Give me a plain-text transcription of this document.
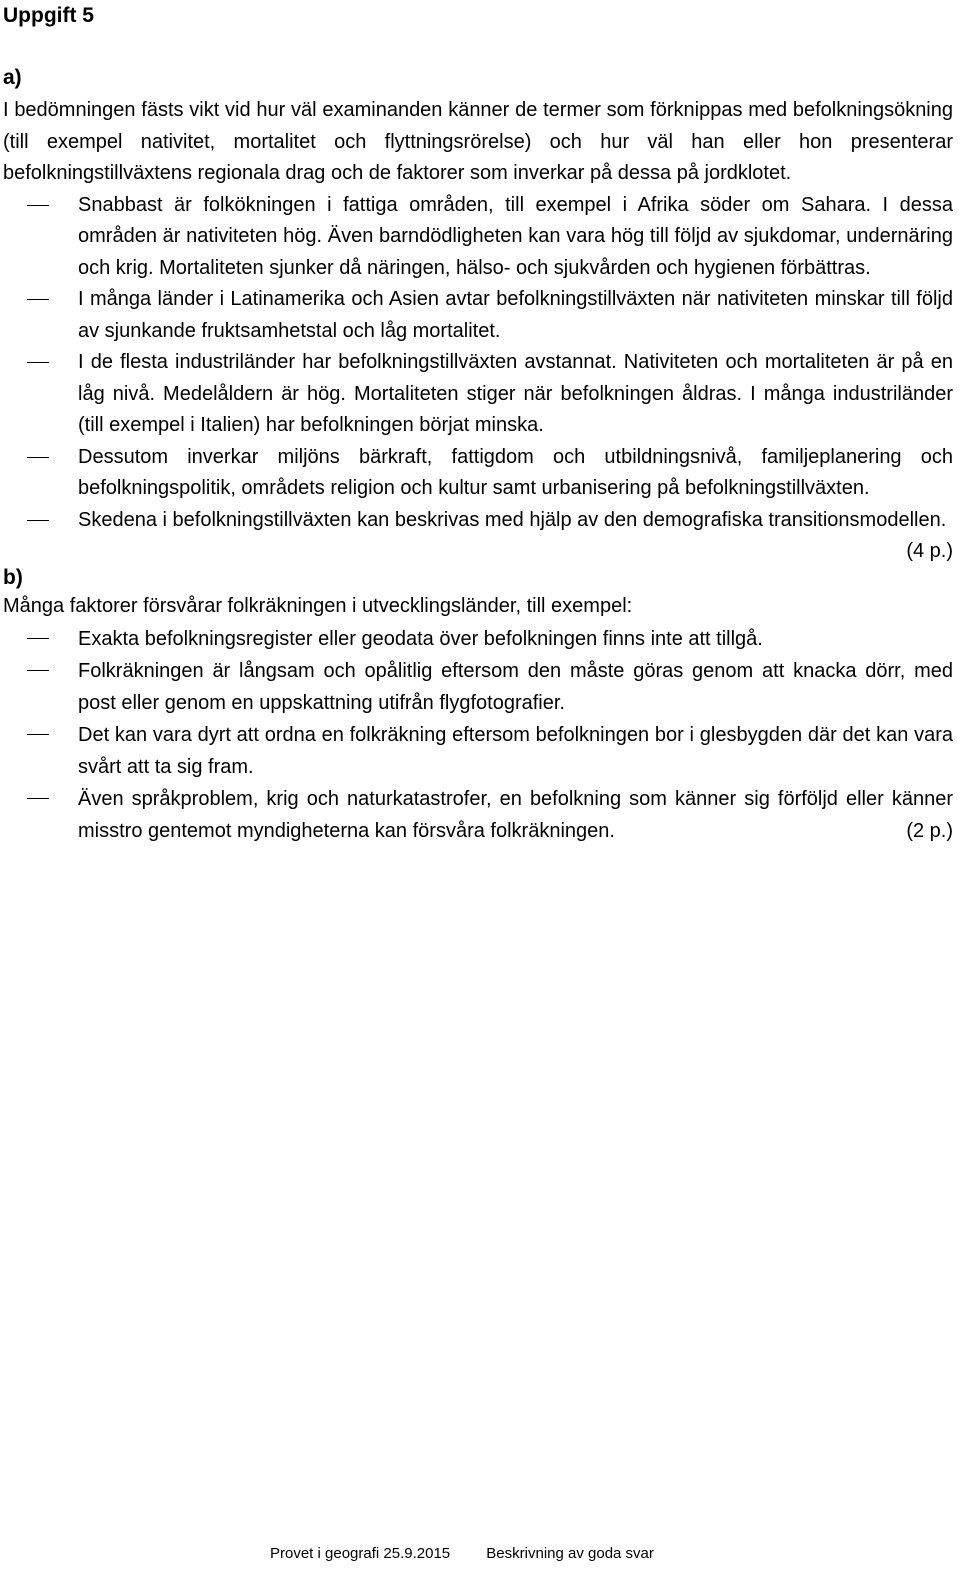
Uppgift 5
a)

I bedömningen fästs vikt vid hur väl examinanden känner de termer som förknippas med befolkningsökning (till exempel nativitet, mortalitet och flyttningsrörelse) och hur väl han eller hon presenterar befolkningstillväxtens regionala drag och de faktorer som inverkar på dessa på jordklotet.

Snabbast är folkökningen i fattiga områden, till exempel i Afrika söder om Sahara. I dessa områden är nativiteten hög. Även barndödligheten kan vara hög till följd av sjukdomar, undernäring och krig. Mortaliteten sjunker då näringen, hälso- och sjukvården och hygienen förbättras.
I många länder i Latinamerika och Asien avtar befolkningstillväxten när nativiteten minskar till följd av sjunkande fruktsamhetstal och låg mortalitet.
I de flesta industriländer har befolkningstillväxten avstannat. Nativiteten och mortaliteten är på en låg nivå. Medelåldern är hög. Mortaliteten stiger när befolkningen åldras. I många industriländer (till exempel i Italien) har befolkningen börjat minska.
Dessutom inverkar miljöns bärkraft, fattigdom och utbildningsnivå, familjeplanering och befolkningspolitik, områdets religion och kultur samt urbanisering på befolkningstillväxten.
Skedena i befolkningstillväxten kan beskrivas med hjälp av den demografiska transitionsmodellen.
(4 p.)
b)

Många faktorer försvårar folkräkningen i utvecklingsländer, till exempel:

Exakta befolkningsregister eller geodata över befolkningen finns inte att tillgå.
Folkräkningen är långsam och opålitlig eftersom den måste göras genom att knacka dörr, med post eller genom en uppskattning utifrån flygfotografier.
Det kan vara dyrt att ordna en folkräkning eftersom befolkningen bor i glesbygden där det kan vara svårt att ta sig fram.
Även språkproblem, krig och naturkatastrofer, en befolkning som känner sig förföljd eller känner misstro gentemot myndigheterna kan försvåra folkräkningen.	(2 p.)
Provet i geografi 25.9.2015 Beskrivning av goda svar
